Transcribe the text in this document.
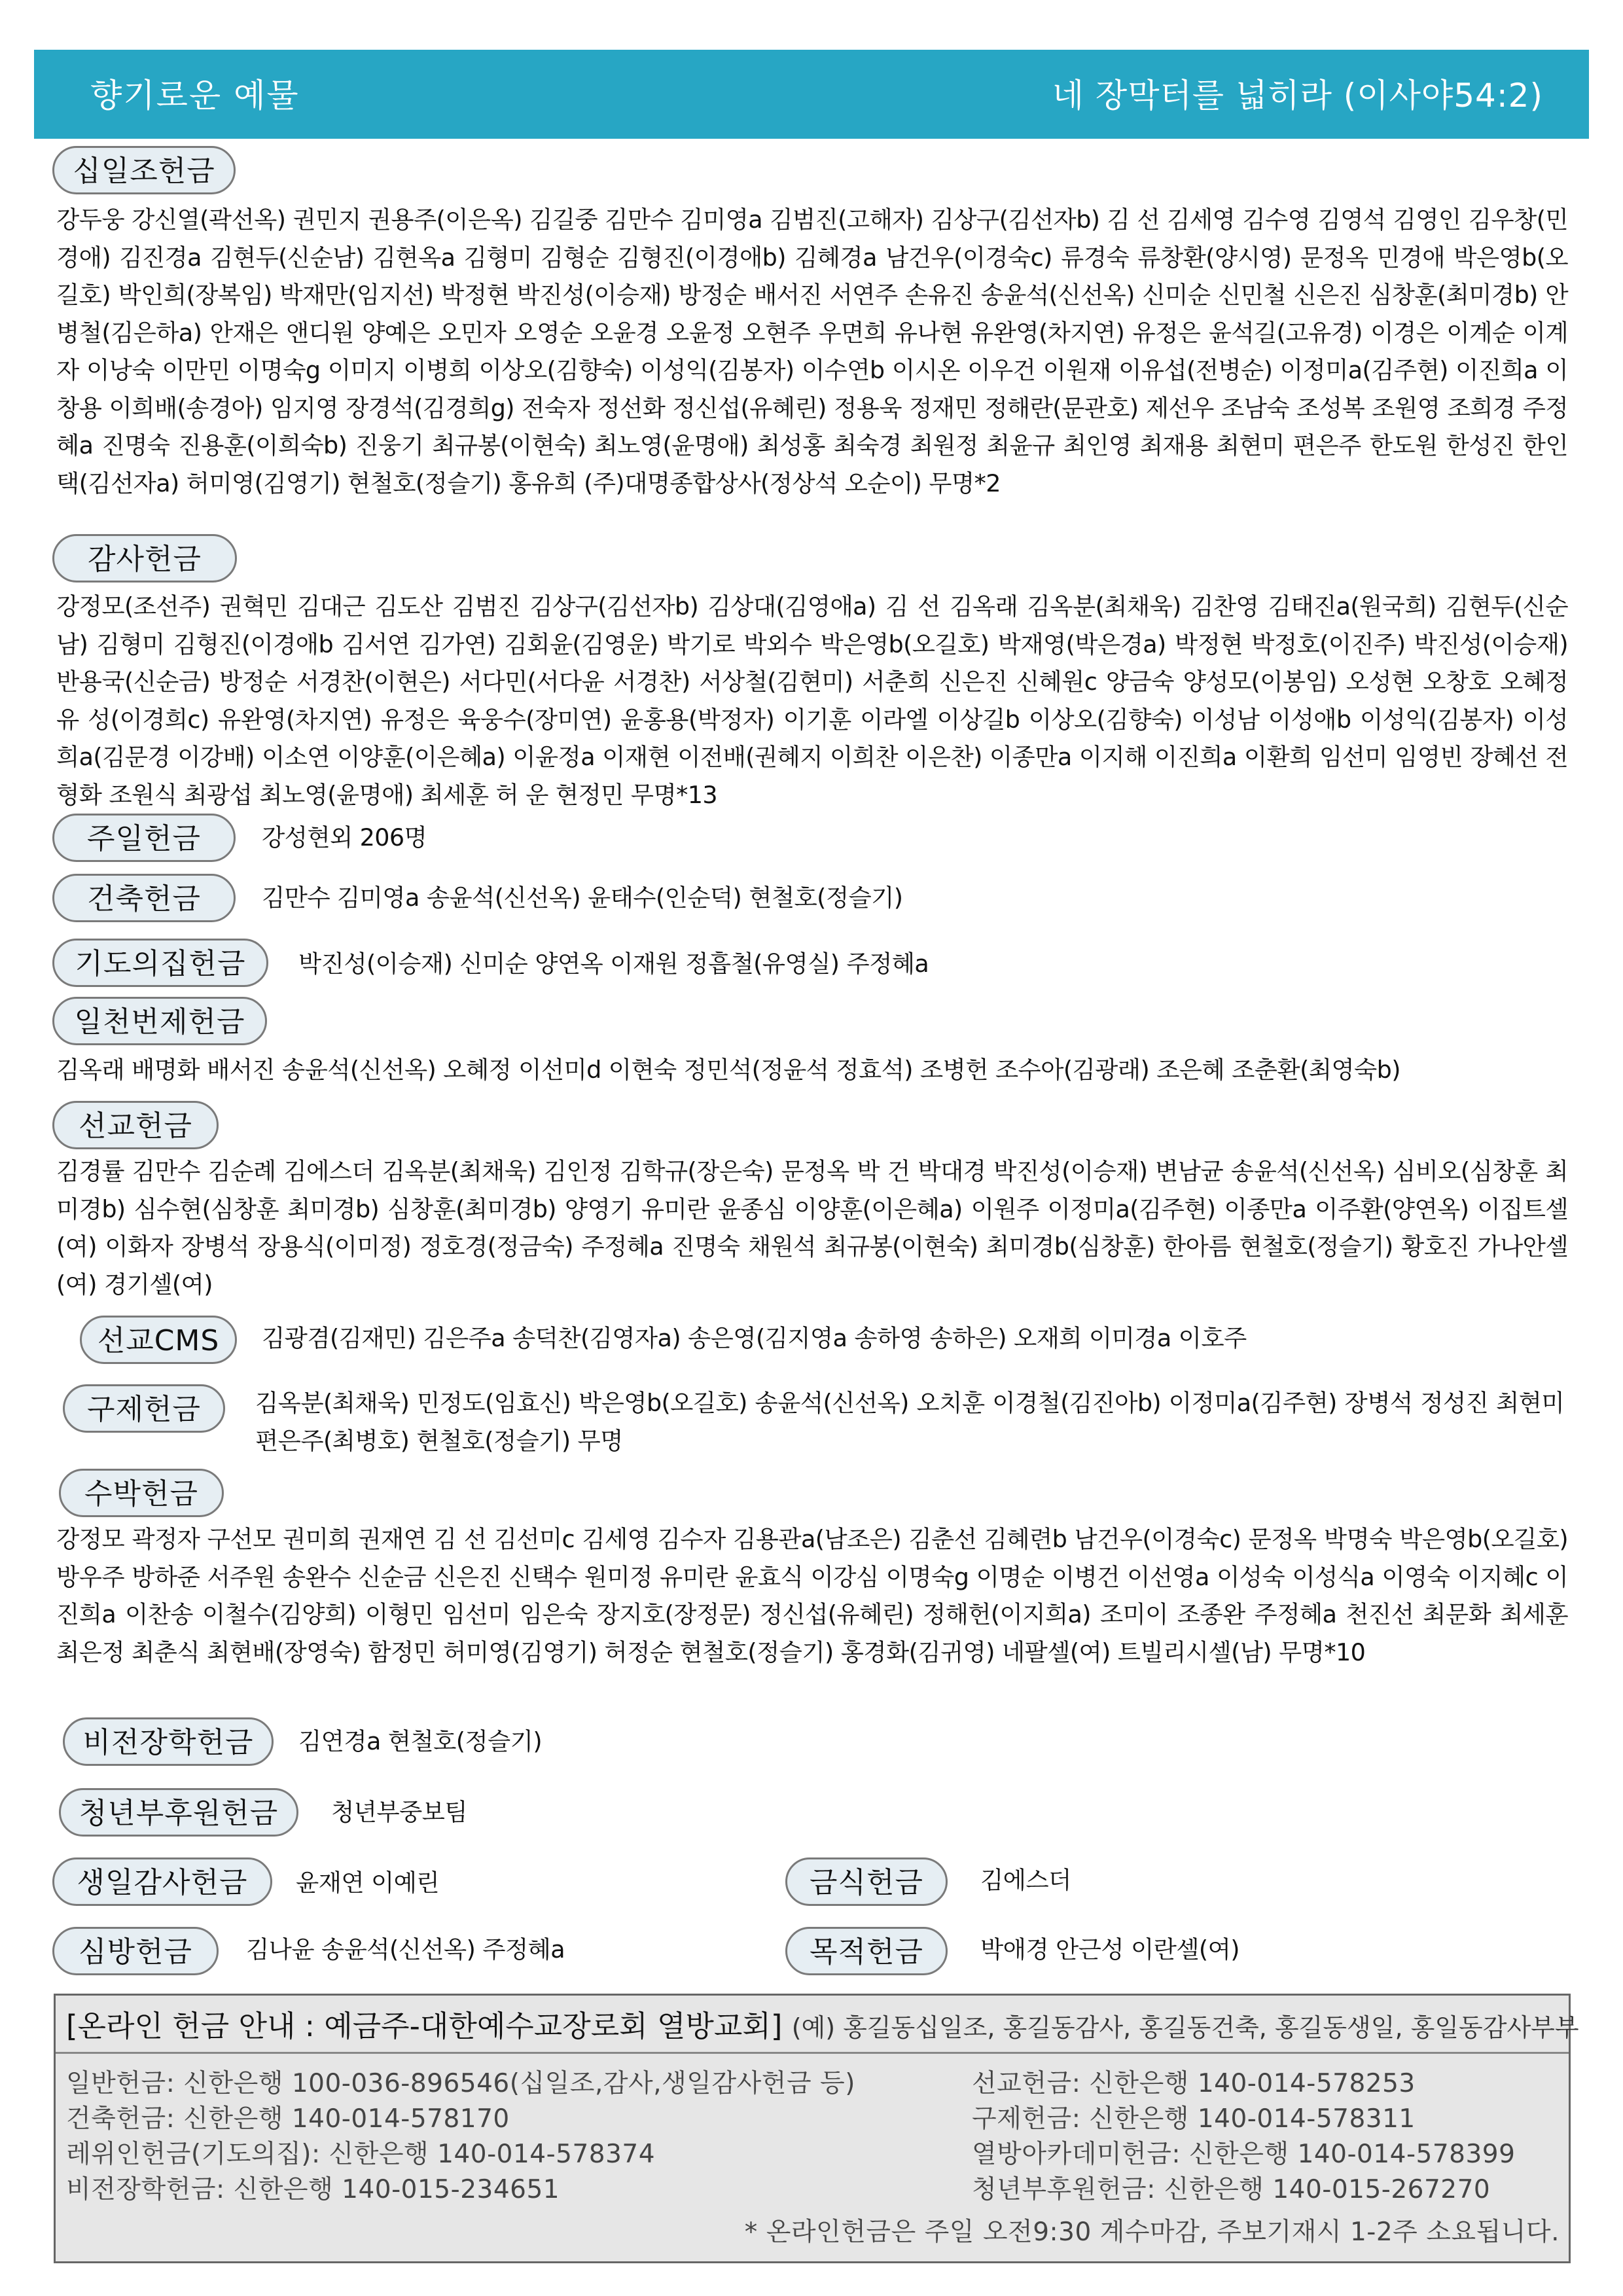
향기로운 예물	네 장막터를 넓히라 (이사야54:2)
십일조헌금
강두웅 강신열(곽선옥) 권민지 권용주(이은옥) 김길중 김만수 김미영a 김범진(고해자) 김상구(김선자b) 김 선 김세영 김수영 김영석 김영인 김우창(민경애) 김진경a 김현두(신순남) 김현옥a 김형미 김형순 김형진(이경애b) 김혜경a 남건우(이경숙c) 류경숙 류창환(양시영) 문정옥 민경애 박은영b(오길호) 박인희(장복임) 박재만(임지선) 박정현 박진성(이승재) 방정순 배서진 서연주 손유진 송윤석(신선옥) 신미순 신민철 신은진 심창훈(최미경b) 안병철(김은하a) 안재은 앤디원 양예은 오민자 오영순 오윤경 오윤정 오현주 우면희 유나현 유완영(차지연) 유정은 윤석길(고유경) 이경은 이계순 이계자 이낭숙 이만민 이명숙g 이미지 이병희 이상오(김향숙) 이성익(김봉자) 이수연b 이시온 이우건 이원재 이유섭(전병순) 이정미a(김주현) 이진희a 이창용 이희배(송경아) 임지영 장경석(김경희g) 전숙자 정선화 정신섭(유혜린) 정용욱 정재민 정해란(문관호) 제선우 조남숙 조성복 조원영 조희경 주정혜a 진명숙 진용훈(이희숙b) 진웅기 최규봉(이현숙) 최노영(윤명애) 최성홍 최숙경 최원정 최윤규 최인영 최재용 최현미 편은주 한도원 한성진 한인택(김선자a) 허미영(김영기) 현철호(정슬기) 홍유희 (주)대명종합상사(정상석 오순이) 무명*2
감사헌금
강정모(조선주) 권혁민 김대근 김도산 김범진 김상구(김선자b) 김상대(김영애a) 김 선 김옥래 김옥분(최채욱) 김찬영 김태진a(원국희) 김현두(신순남) 김형미 김형진(이경애b 김서연 김가연) 김회윤(김영운) 박기로 박외수 박은영b(오길호) 박재영(박은경a) 박정현 박정호(이진주) 박진성(이승재) 반용국(신순금) 방정순 서경찬(이현은) 서다민(서다윤 서경찬) 서상철(김현미) 서춘희 신은진 신혜원c 양금숙 양성모(이봉임) 오성현 오창호 오혜정 유 성(이경희c) 유완영(차지연) 유정은 육웅수(장미연) 윤홍용(박정자) 이기훈 이라엘 이상길b 이상오(김향숙) 이성남 이성애b 이성익(김봉자) 이성희a(김문경 이강배) 이소연 이양훈(이은혜a) 이윤정a 이재현 이전배(권혜지 이희찬 이은찬) 이종만a 이지해 이진희a 이환희 임선미 임영빈 장혜선 전형화 조원식 최광섭 최노영(윤명애) 최세훈 허 운 현정민 무명*13
주일헌금	강성현외 206명
건축헌금	김만수 김미영a 송윤석(신선옥) 윤태수(인순덕) 현철호(정슬기)
기도의집헌금	박진성(이승재) 신미순 양연옥 이재원 정흡철(유영실) 주정혜a
일천번제헌금
김옥래 배명화 배서진 송윤석(신선옥) 오혜정 이선미d 이현숙 정민석(정윤석 정효석) 조병헌 조수아(김광래) 조은혜 조춘환(최영숙b)
선교헌금
김경률 김만수 김순례 김에스더 김옥분(최채욱) 김인정 김학규(장은숙) 문정옥 박 건 박대경 박진성(이승재) 변남균 송윤석(신선옥) 심비오(심창훈 최미경b) 심수현(심창훈 최미경b) 심창훈(최미경b) 양영기 유미란 윤종심 이양훈(이은혜a) 이원주 이정미a(김주현) 이종만a 이주환(양연옥) 이집트셀(여) 이화자 장병석 장용식(이미정) 정호경(정금숙) 주정혜a 진명숙 채원석 최규봉(이현숙) 최미경b(심창훈) 한아름 현철호(정슬기) 황호진 가나안셀(여) 경기셀(여)
선교CMS	김광겸(김재민) 김은주a 송덕찬(김영자a) 송은영(김지영a 송하영 송하은) 오재희 이미경a 이호주
구제헌금	김옥분(최채욱) 민정도(임효신) 박은영b(오길호) 송윤석(신선옥) 오치훈 이경철(김진아b) 이정미a(김주현) 장병석 정성진 최현미 편은주(최병호) 현철호(정슬기) 무명
수박헌금
강정모 곽정자 구선모 권미희 권재연 김 선 김선미c 김세영 김수자 김용관a(남조은) 김춘선 김혜련b 남건우(이경숙c) 문정옥 박명숙 박은영b(오길호) 방우주 방하준 서주원 송완수 신순금 신은진 신택수 원미정 유미란 윤효식 이강심 이명숙g 이명순 이병건 이선영a 이성숙 이성식a 이영숙 이지혜c 이진희a 이찬송 이철수(김양희) 이형민 임선미 임은숙 장지호(장정문) 정신섭(유혜린) 정해헌(이지희a) 조미이 조종완 주정혜a 천진선 최문화 최세훈 최은정 최춘식 최현배(장영숙) 함정민 허미영(김영기) 허정순 현철호(정슬기) 홍경화(김귀영) 네팔셀(여) 트빌리시셀(남) 무명*10
비전장학헌금	김연경a 현철호(정슬기)
청년부후원헌금	청년부중보팀
생일감사헌금	윤재연 이예린	금식헌금	김에스더
심방헌금	김나윤 송윤석(신선옥) 주정혜a	목적헌금	박애경 안근성 이란셀(여)
[온라인 헌금 안내 : 예금주-대한예수교장로회 열방교회] (예) 홍길동십일조, 홍길동감사, 홍길동건축, 홍길동생일, 홍일동감사부부
일반헌금: 신한은행 100-036-896546(십일조,감사,생일감사헌금 등)
건축헌금: 신한은행 140-014-578170
레위인헌금(기도의집): 신한은행 140-014-578374
비전장학헌금: 신한은행 140-015-234651
선교헌금: 신한은행 140-014-578253
구제헌금: 신한은행 140-014-578311
열방아카데미헌금: 신한은행 140-014-578399
청년부후원헌금: 신한은행 140-015-267270
* 온라인헌금은 주일 오전9:30 계수마감, 주보기재시 1-2주 소요됩니다.
